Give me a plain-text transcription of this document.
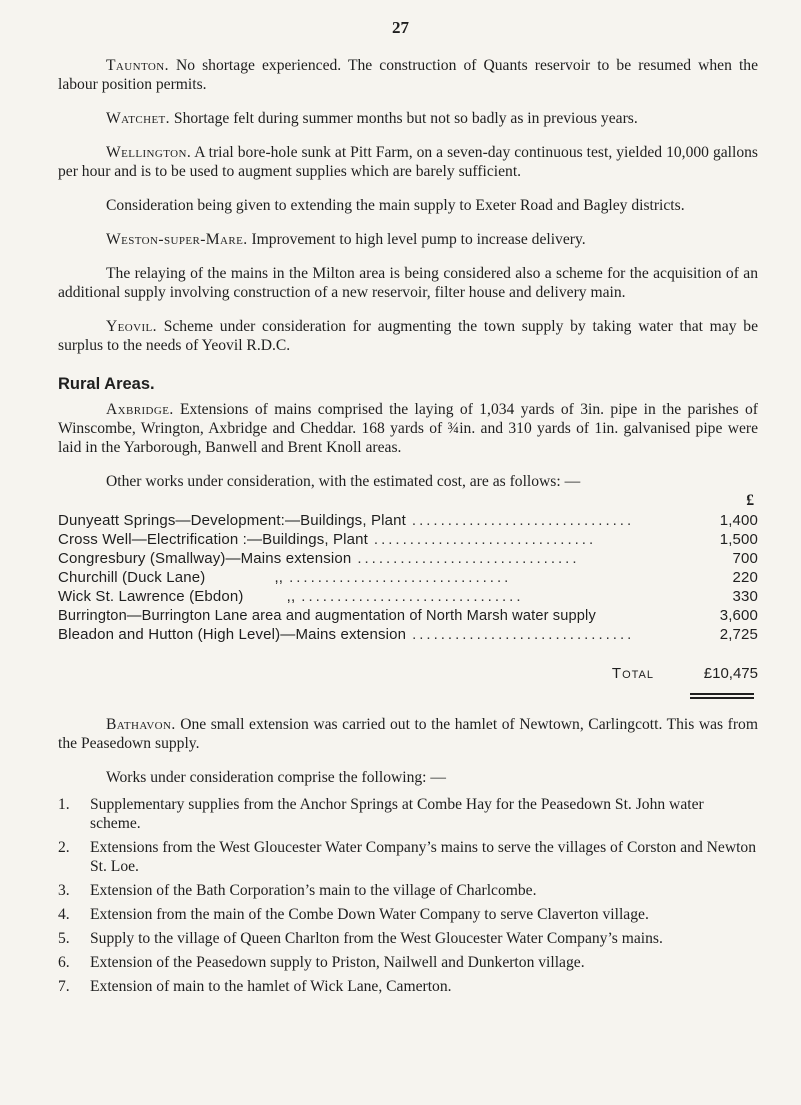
27

Taunton. No shortage experienced. The construction of Quants reservoir to be resumed when the labour position permits.

Watchet. Shortage felt during summer months but not so badly as in previous years.

Wellington. A trial bore-hole sunk at Pitt Farm, on a seven-day continuous test, yielded 10,000 gallons per hour and is to be used to augment supplies which are barely sufficient.

Consideration being given to extending the main supply to Exeter Road and Bagley districts.

Weston-super-Mare. Improvement to high level pump to increase delivery.

The relaying of the mains in the Milton area is being considered also a scheme for the acquisition of an additional supply involving construction of a new reservoir, filter house and delivery main.

Yeovil. Scheme under consideration for augmenting the town supply by taking water that may be surplus to the needs of Yeovil R.D.C.

Rural Areas.

Axbridge. Extensions of mains comprised the laying of 1,034 yards of 3in. pipe in the parishes of Winscombe, Wrington, Axbridge and Cheddar. 168 yards of ¾in. and 310 yards of 1in. galvanised pipe were laid in the Yarborough, Banwell and Brent Knoll areas.

Other works under consideration, with the estimated cost, are as follows: —

£
Dunyeatt Springs—Development:—Buildings, Plant ...............................	1,400
Cross Well—Electrification :—Buildings, Plant ...............................	1,500
Congresbury (Smallway)—Mains extension ...............................	700
Churchill (Duck Lane)                ,, ...............................	220
Wick St. Lawrence (Ebdon)          ,, ...............................	330
Burrington—Burrington Lane area and augmentation of North Marsh water supply	3,600
Bleadon and Hutton (High Level)—Mains extension ...............................	2,725
Total	£10,475

Bathavon. One small extension was carried out to the hamlet of Newtown, Carlingcott. This was from the Peasedown supply.

Works under consideration comprise the following: —

1.	Supplementary supplies from the Anchor Springs at Combe Hay for the Peasedown St. John water scheme.
2.	Extensions from the West Gloucester Water Company’s mains to serve the villages of Corston and Newton St. Loe.
3.	Extension of the Bath Corporation’s main to the village of Charlcombe.
4.	Extension from the main of the Combe Down Water Company to serve Claverton village.
5.	Supply to the village of Queen Charlton from the West Gloucester Water Company’s mains.
6.	Extension of the Peasedown supply to Priston, Nailwell and Dunkerton village.
7.	Extension of main to the hamlet of Wick Lane, Camerton.
